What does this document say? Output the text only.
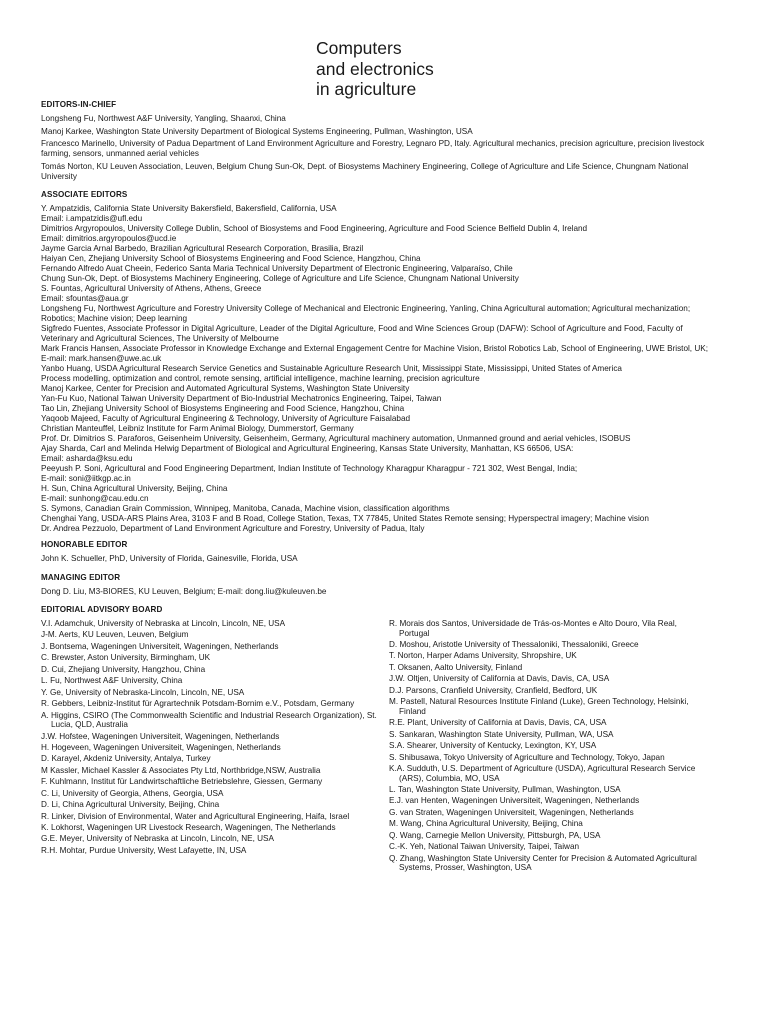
Computers
and electronics
in agriculture
EDITORS-IN-CHIEF
Longsheng Fu, Northwest A&F University, Yangling, Shaanxi, China
Manoj Karkee, Washington State University Department of Biological Systems Engineering, Pullman, Washington, USA
Francesco Marinello, University of Padua Department of Land Environment Agriculture and Forestry, Legnaro PD, Italy. Agricultural mechanics, precision agriculture, precision livestock farming, sensors, unmanned aerial vehicles
Tomás Norton, KU Leuven Association, Leuven, Belgium Chung Sun-Ok, Dept. of Biosystems Machinery Engineering, College of Agriculture and Life Science, Chungnam National University
ASSOCIATE EDITORS
Y. Ampatzidis, California State University Bakersfield, Bakersfield, California, USA
Email: i.ampatzidis@ufl.edu
Dimitrios Argyropoulos, University College Dublin, School of Biosystems and Food Engineering, Agriculture and Food Science Belfield Dublin 4, Ireland
Email: dimitrios.argyropoulos@ucd.ie
Jayme Garcia Arnal Barbedo, Brazilian Agricultural Research Corporation, Brasilia, Brazil
Haiyan Cen, Zhejiang University School of Biosystems Engineering and Food Science, Hangzhou, China
Fernando Alfredo Auat Cheein, Federico Santa Maria Technical University Department of Electronic Engineering, Valparaíso, Chile
Chung Sun-Ok, Dept. of Biosystems Machinery Engineering, College of Agriculture and Life Science, Chungnam National University
S. Fountas, Agricultural University of Athens, Athens, Greece
Email: sfountas@aua.gr
Longsheng Fu, Northwest Agriculture and Forestry University College of Mechanical and Electronic Engineering, Yanling, China Agricultural automation; Agricultural mechanization; Robotics; Machine vision; Deep learning
Sigfredo Fuentes, Associate Professor in Digital Agriculture, Leader of the Digital Agriculture, Food and Wine Sciences Group (DAFW): School of Agriculture and Food, Faculty of Veterinary and Agricultural Sciences, The University of Melbourne
Mark Francis Hansen, Associate Professor in Knowledge Exchange and External Engagement Centre for Machine Vision, Bristol Robotics Lab, School of Engineering, UWE Bristol, UK; E-mail: mark.hansen@uwe.ac.uk
Yanbo Huang, USDA Agricultural Research Service Genetics and Sustainable Agriculture Research Unit, Mississippi State, Mississippi, United States of America
Process modelling, optimization and control, remote sensing, artificial intelligence, machine learning, precision agriculture
Manoj Karkee, Center for Precision and Automated Agricultural Systems, Washington State University
Yan-Fu Kuo, National Taiwan University Department of Bio-Industrial Mechatronics Engineering, Taipei, Taiwan
Tao Lin, Zhejiang University School of Biosystems Engineering and Food Science, Hangzhou, China
Yaqoob Majeed, Faculty of Agricultural Engineering & Technology, University of Agriculture Faisalabad
Christian Manteuffel, Leibniz Institute for Farm Animal Biology, Dummerstorf, Germany
Prof. Dr. Dimitrios S. Paraforos, Geisenheim University, Geisenheim, Germany, Agricultural machinery automation, Unmanned ground and aerial vehicles, ISOBUS
Ajay Sharda, Carl and Melinda Helwig Department of Biological and Agricultural Engineering, Kansas State University, Manhattan, KS 66506, USA:
Email: asharda@ksu.edu
Peeyush P. Soni, Agricultural and Food Engineering Department, Indian Institute of Technology Kharagpur Kharagpur - 721 302, West Bengal, India;
E-mail: soni@iitkgp.ac.in
H. Sun, China Agricultural University, Beijing, China
E-mail: sunhong@cau.edu.cn
S. Symons, Canadian Grain Commission, Winnipeg, Manitoba, Canada, Machine vision, classification algorithms
Chenghai Yang, USDA-ARS Plains Area, 3103 F and B Road, College Station, Texas, TX 77845, United States Remote sensing; Hyperspectral imagery; Machine vision
Dr. Andrea Pezzuolo, Department of Land Environment Agriculture and Forestry, University of Padua, Italy
HONORABLE EDITOR
John K. Schueller, PhD, University of Florida, Gainesville, Florida, USA
MANAGING EDITOR
Dong D. Liu, M3-BIORES, KU Leuven, Belgium; E-mail: dong.liu@kuleuven.be
EDITORIAL ADVISORY BOARD
V.I. Adamchuk, University of Nebraska at Lincoln, Lincoln, NE, USA
J-M. Aerts, KU Leuven, Leuven, Belgium
J. Bontsema, Wageningen Universiteit, Wageningen, Netherlands
C. Brewster, Aston University, Birmingham, UK
D. Cui, Zhejiang University, Hangzhou, China
L. Fu, Northwest A&F University, China
Y. Ge, University of Nebraska-Lincoln, Lincoln, NE, USA
R. Gebbers, Leibniz-Institut für Agrartechnik Potsdam-Bornim e.V., Potsdam, Germany
A. Higgins, CSIRO (The Commonwealth Scientific and Industrial Research Organization), St. Lucia, QLD, Australia
J.W. Hofstee, Wageningen Universiteit, Wageningen, Netherlands
H. Hogeveen, Wageningen Universiteit, Wageningen, Netherlands
D. Karayel, Akdeniz University, Antalya, Turkey
M Kassler, Michael Kassler & Associates Pty Ltd, Northbridge,NSW, Australia
F. Kuhlmann, Institut für Landwirtschaftliche Betriebslehre, Giessen, Germany
C. Li, University of Georgia, Athens, Georgia, USA
D. Li, China Agricultural University, Beijing, China
R. Linker, Division of Environmental, Water and Agricultural Engineering, Haifa, Israel
K. Lokhorst, Wageningen UR Livestock Research, Wageningen, The Netherlands
G.E. Meyer, University of Nebraska at Lincoln, Lincoln, NE, USA
R.H. Mohtar, Purdue University, West Lafayette, IN, USA
R. Morais dos Santos, Universidade de Trás-os-Montes e Alto Douro, Vila Real, Portugal
D. Moshou, Aristotle University of Thessaloniki, Thessaloniki, Greece
T. Norton, Harper Adams University, Shropshire, UK
T. Oksanen, Aalto University, Finland
J.W. Oltjen, University of California at Davis, Davis, CA, USA
D.J. Parsons, Cranfield University, Cranfield, Bedford, UK
M. Pastell, Natural Resources Institute Finland (Luke), Green Technology, Helsinki, Finland
R.E. Plant, University of California at Davis, Davis, CA, USA
S. Sankaran, Washington State University, Pullman, WA, USA
S.A. Shearer, University of Kentucky, Lexington, KY, USA
S. Shibusawa, Tokyo University of Agriculture and Technology, Tokyo, Japan
K.A. Sudduth, U.S. Department of Agriculture (USDA), Agricultural Research Service (ARS), Columbia, MO, USA
L. Tan, Washington State University, Pullman, Washington, USA
E.J. van Henten, Wageningen Universiteit, Wageningen, Netherlands
G. van Straten, Wageningen Universiteit, Wageningen, Netherlands
M. Wang, China Agricultural University, Beijing, China
Q. Wang, Carnegie Mellon University, Pittsburgh, PA, USA
C.-K. Yeh, National Taiwan University, Taipei, Taiwan
Q. Zhang, Washington State University Center for Precision & Automated Agricultural Systems, Prosser, Washington, USA
